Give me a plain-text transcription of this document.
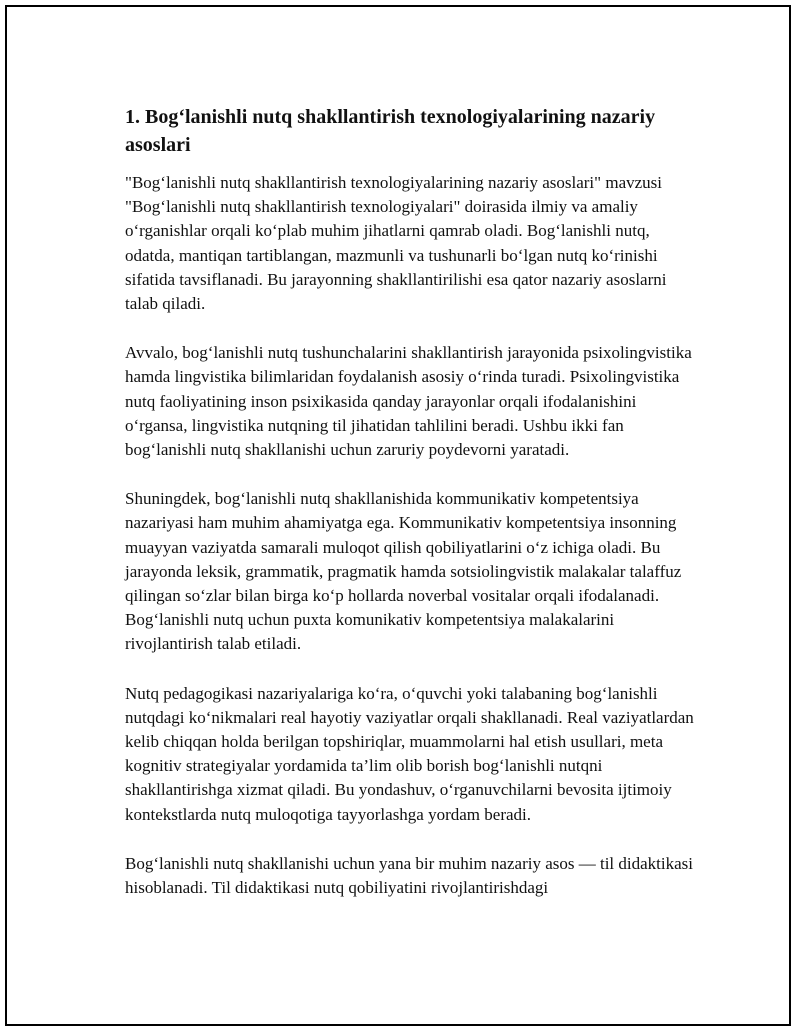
1. Bog‘lanishli nutq shakllantirish texnologiyalarining nazariy asoslari

"Bog‘lanishli nutq shakllantirish texnologiyalarining nazariy asoslari" mavzusi "Bog‘lanishli nutq shakllantirish texnologiyalari" doirasida ilmiy va amaliy o‘rganishlar orqali ko‘plab muhim jihatlarni qamrab oladi. Bog‘lanishli nutq, odatda, mantiqan tartiblangan, mazmunli va tushunarli bo‘lgan nutq ko‘rinishi sifatida tavsiflanadi. Bu jarayonning shakllantirilishi esa qator nazariy asoslarni talab qiladi.

Avvalo, bog‘lanishli nutq tushunchalarini shakllantirish jarayonida psixolingvistika hamda lingvistika bilimlaridan foydalanish asosiy o‘rinda turadi. Psixolingvistika nutq faoliyatining inson psixikasida qanday jarayonlar orqali ifodalanishini o‘rgansa, lingvistika nutqning til jihatidan tahlilini beradi. Ushbu ikki fan bog‘lanishli nutq shakllanishi uchun zaruriy poydevorni yaratadi.

Shuningdek, bog‘lanishli nutq shakllanishida kommunikativ kompetentsiya nazariyasi ham muhim ahamiyatga ega. Kommunikativ kompetentsiya insonning muayyan vaziyatda samarali muloqot qilish qobiliyatlarini o‘z ichiga oladi. Bu jarayonda leksik, grammatik, pragmatik hamda sotsiolingvistik malakalar talaffuz qilingan so‘zlar bilan birga ko‘p hollarda noverbal vositalar orqali ifodalanadi. Bog‘lanishli nutq uchun puxta komunikativ kompetentsiya malakalarini rivojlantirish talab etiladi.

Nutq pedagogikasi nazariyalariga ko‘ra, o‘quvchi yoki talabaning bog‘lanishli nutqdagi ko‘nikmalari real hayotiy vaziyatlar orqali shakllanadi. Real vaziyatlardan kelib chiqqan holda berilgan topshiriqlar, muammolarni hal etish usullari, meta kognitiv strategiyalar yordamida ta’lim olib borish bog‘lanishli nutqni shakllantirishga xizmat qiladi. Bu yondashuv, o‘rganuvchilarni bevosita ijtimoiy kontekstlarda nutq muloqotiga tayyorlashga yordam beradi.

Bog‘lanishli nutq shakllanishi uchun yana bir muhim nazariy asos — til didaktikasi hisoblanadi. Til didaktikasi nutq qobiliyatini rivojlantirishdagi
